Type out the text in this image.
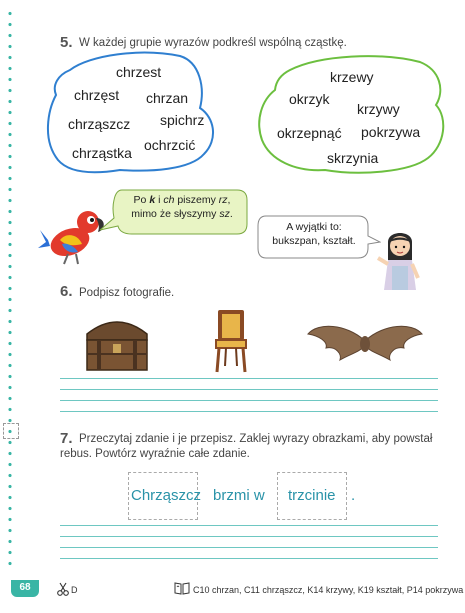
5. W każdej grupie wyrazów podkreśl wspólną cząstkę.
chrzest
chrzęst chrzan
chrząszcz spichrz
ochrzcić
chrząstka
krzewy
okrzyk
krzywy
okrzepnąć pokrzywa
skrzynia
Po k i ch piszemy rz,
mimo że słyszymy sz.
A wyjątki to:
bukszpan, kształt.
6. Podpisz fotografie.
7. Przeczytaj zdanie i je przepisz. Zaklej wyrazy obrazkami, aby powstał
rebus. Powtórz wyraźnie całe zdanie.
Chrząszcz brzmi w trzcinie .
68	D	C10 chrzan, C11 chrząszcz, K14 krzywy, K19 kształt, P14 pokrzywa
